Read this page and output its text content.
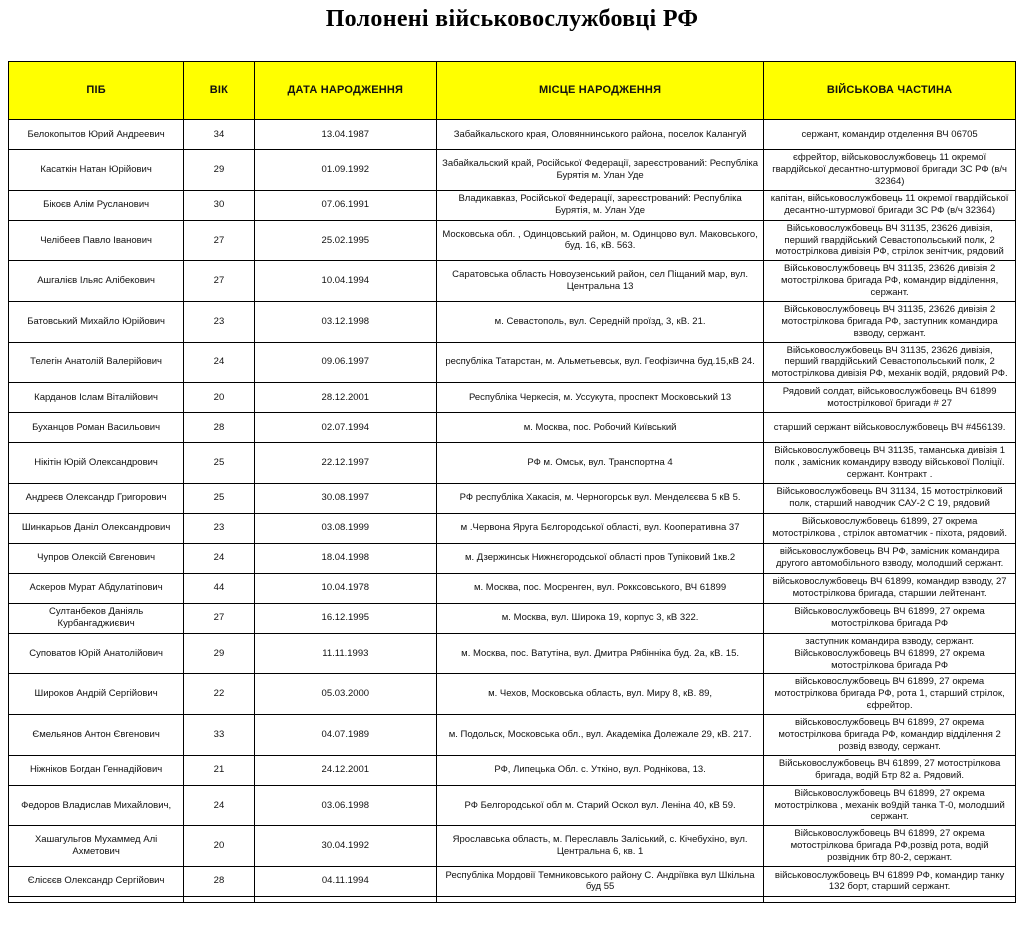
Полонені військовослужбовці РФ
ПІБ	ВІК	ДАТА НАРОДЖЕННЯ	МІСЦЕ НАРОДЖЕННЯ	ВІЙСЬКОВА ЧАСТИНА
Белокопытов Юрий Андреевич	34	13.04.1987	Забайкальского края, Оловяннинського района, поселок Калангуй	сержант, командир отделення ВЧ 06705
Касаткін Натан Юрійович	29	01.09.1992	Забайкальский край, Російської Федерації, зареєстрований: Республіка Бурятія м. Улан Уде	єфрейтор, військовослужбовець 11 окремої гвардійської десантно-штурмової бригади ЗС РФ (в/ч 32364)
Бікоєв Алім Русланович	30	07.06.1991	Владикавказ, Російської Федерації, зареєстрований: Республіка Бурятія, м. Улан Уде	капітан, військовослужбовець 11 окремої гвардійської десантно-штурмової бригади ЗС РФ (в/ч 32364)
Челібеев Павло Іванович	27	25.02.1995	Московська обл. , Одинцовський район, м. Одинцово вул. Маковського, буд. 16, кВ. 563.	Військовослужбовець ВЧ 31135, 23626 дивізія, перший гвардійський Севастопольський полк, 2 мотострілкова дивізія РФ, стрілок зенітчик, рядовий
Ашгалієв Ільяс Алібекович	27	10.04.1994	Саратовська область Новоузенський район, сел Піщаний мар, вул. Центральна 13	Військовослужбовець ВЧ 31135, 23626 дивізія 2 мотострілкова бригада РФ, командир відділення, сержант.
Батовський Михайло Юрійович	23	03.12.1998	м. Севастополь, вул. Середній проїзд, 3, кВ. 21.	Військовослужбовець ВЧ 31135, 23626 дивізія 2 мотострілкова бригада РФ, заступник командира взводу, сержант.
Телегін Анатолій Валерійович	24	09.06.1997	республіка Татарстан, м. Альметьевськ, вул. Геофізична буд.15,кВ 24.	Військовослужбовець ВЧ 31135, 23626 дивізія, перший гвардійський Севастопольський полк, 2 мотострілкова дивізія РФ, механік водій, рядовий РФ.
Карданов Іслам Віталійович	20	28.12.2001	Республіка Черкесія, м. Уссукута, проспект Московський 13	Рядовий солдат, військовослужбовець ВЧ 61899 мотострілкової бригади # 27
Буханцов Роман Васильович	28	02.07.1994	м. Москва, пос. Робочий Київський	старший сержант військовослужбовець ВЧ #456139.
Нікітін Юрій Олександрович	25	22.12.1997	РФ м. Омськ, вул. Транспортна 4	Військовослужбовець ВЧ 31135, таманська дивізія 1 полк , замісник командиру взводу військової Поліції. сержант. Контракт .
Андреєв Олександр Григорович	25	30.08.1997	РФ республіка Хакасія, м. Черногорськ вул. Менделєєва 5 кВ 5.	Військовослужбовець ВЧ 31134, 15 мотострілковий полк, старший наводчик САУ-2 С 19, рядовий
Шинкарьов Даніл Олександрович	23	03.08.1999	м .Червона Яруга Бєлгородської області, вул. Кооперативна 37	Військовослужбовець 61899, 27 окрема мотострілкова , стрілок автоматчик - піхота, рядовий.
Чупров Олексій Євгенович	24	18.04.1998	м. Дзержинськ Нижнєгородської області пров Тупіковий 1кв.2	військовослужбовець ВЧ РФ, замісник командира другого автомобільного взводу, молодший сержант.
Аскеров Мурат Абдулатіпович	44	10.04.1978	м. Москва, пос. Мосренген, вул. Рокксовського, ВЧ 61899	військовослужбовець ВЧ 61899, командир взводу, 27 мотострілкова бригада, старшии лейтенант.
Султанбеков Даніяль Курбангаджиєвич	27	16.12.1995	м. Москва, вул. Широка 19, корпус 3, кВ 322.	Військовослужбовець ВЧ 61899, 27 окрема мотострілкова бригада РФ
Суповатов Юрій Анатолійович	29	11.11.1993	м. Москва, пос. Ватутіна, вул. Дмитра Рябінніка буд. 2а, кВ. 15.	заступник командира взводу, сержант. Військовослужбовець ВЧ 61899, 27 окрема мотострілкова бригада РФ
Широков Андрій Сергійович	22	05.03.2000	м. Чехов, Московська область, вул. Миру 8, кВ. 89,	військовослужбовець ВЧ 61899, 27 окрема мотострілкова бригада РФ, рота 1, старший стрілок, єфрейтор.
Ємельянов Антон Євгенович	33	04.07.1989	м. Подольск, Московська обл., вул. Академіка Долежале 29, кВ. 217.	військовослужбовець ВЧ 61899, 27 окрема мотострілкова бригада РФ, командир відділення 2 розвід взводу, сержант.
Ніжніков Богдан Геннадійович	21	24.12.2001	РФ, Липецька Обл. с. Уткіно, вул. Роднікова, 13.	Військовослужбовець ВЧ 61899, 27 мотострілкова бригада, водій Бтр 82 а. Рядовий.
Федоров Владислав Михайлович,	24	03.06.1998	РФ Белгородської обл м. Старий Оскол вул. Леніна 40, кВ 59.	Військовослужбовець ВЧ 61899, 27 окрема мотострілкова , механік во9дій танка Т-0, молодший сержант.
Хашагульгов Мухаммед Алі Ахметович	20	30.04.1992	Ярославська область, м. Переславль Заліський, с. Кічебухіно, вул. Центральна 6, кв. 1	Військовослужбовець ВЧ 61899, 27 окрема мотострілкова бригада РФ,розвід рота, водій розвідник бтр 80-2, сержант.
Єлісєєв Олександр Сергійович	28	04.11.1994	Республіка Мордовії Темниковського району С. Андріївка вул Шкільна буд 55	військовослужбовець ВЧ 61899 РФ, командир танку 132 борт, старший сержант.
